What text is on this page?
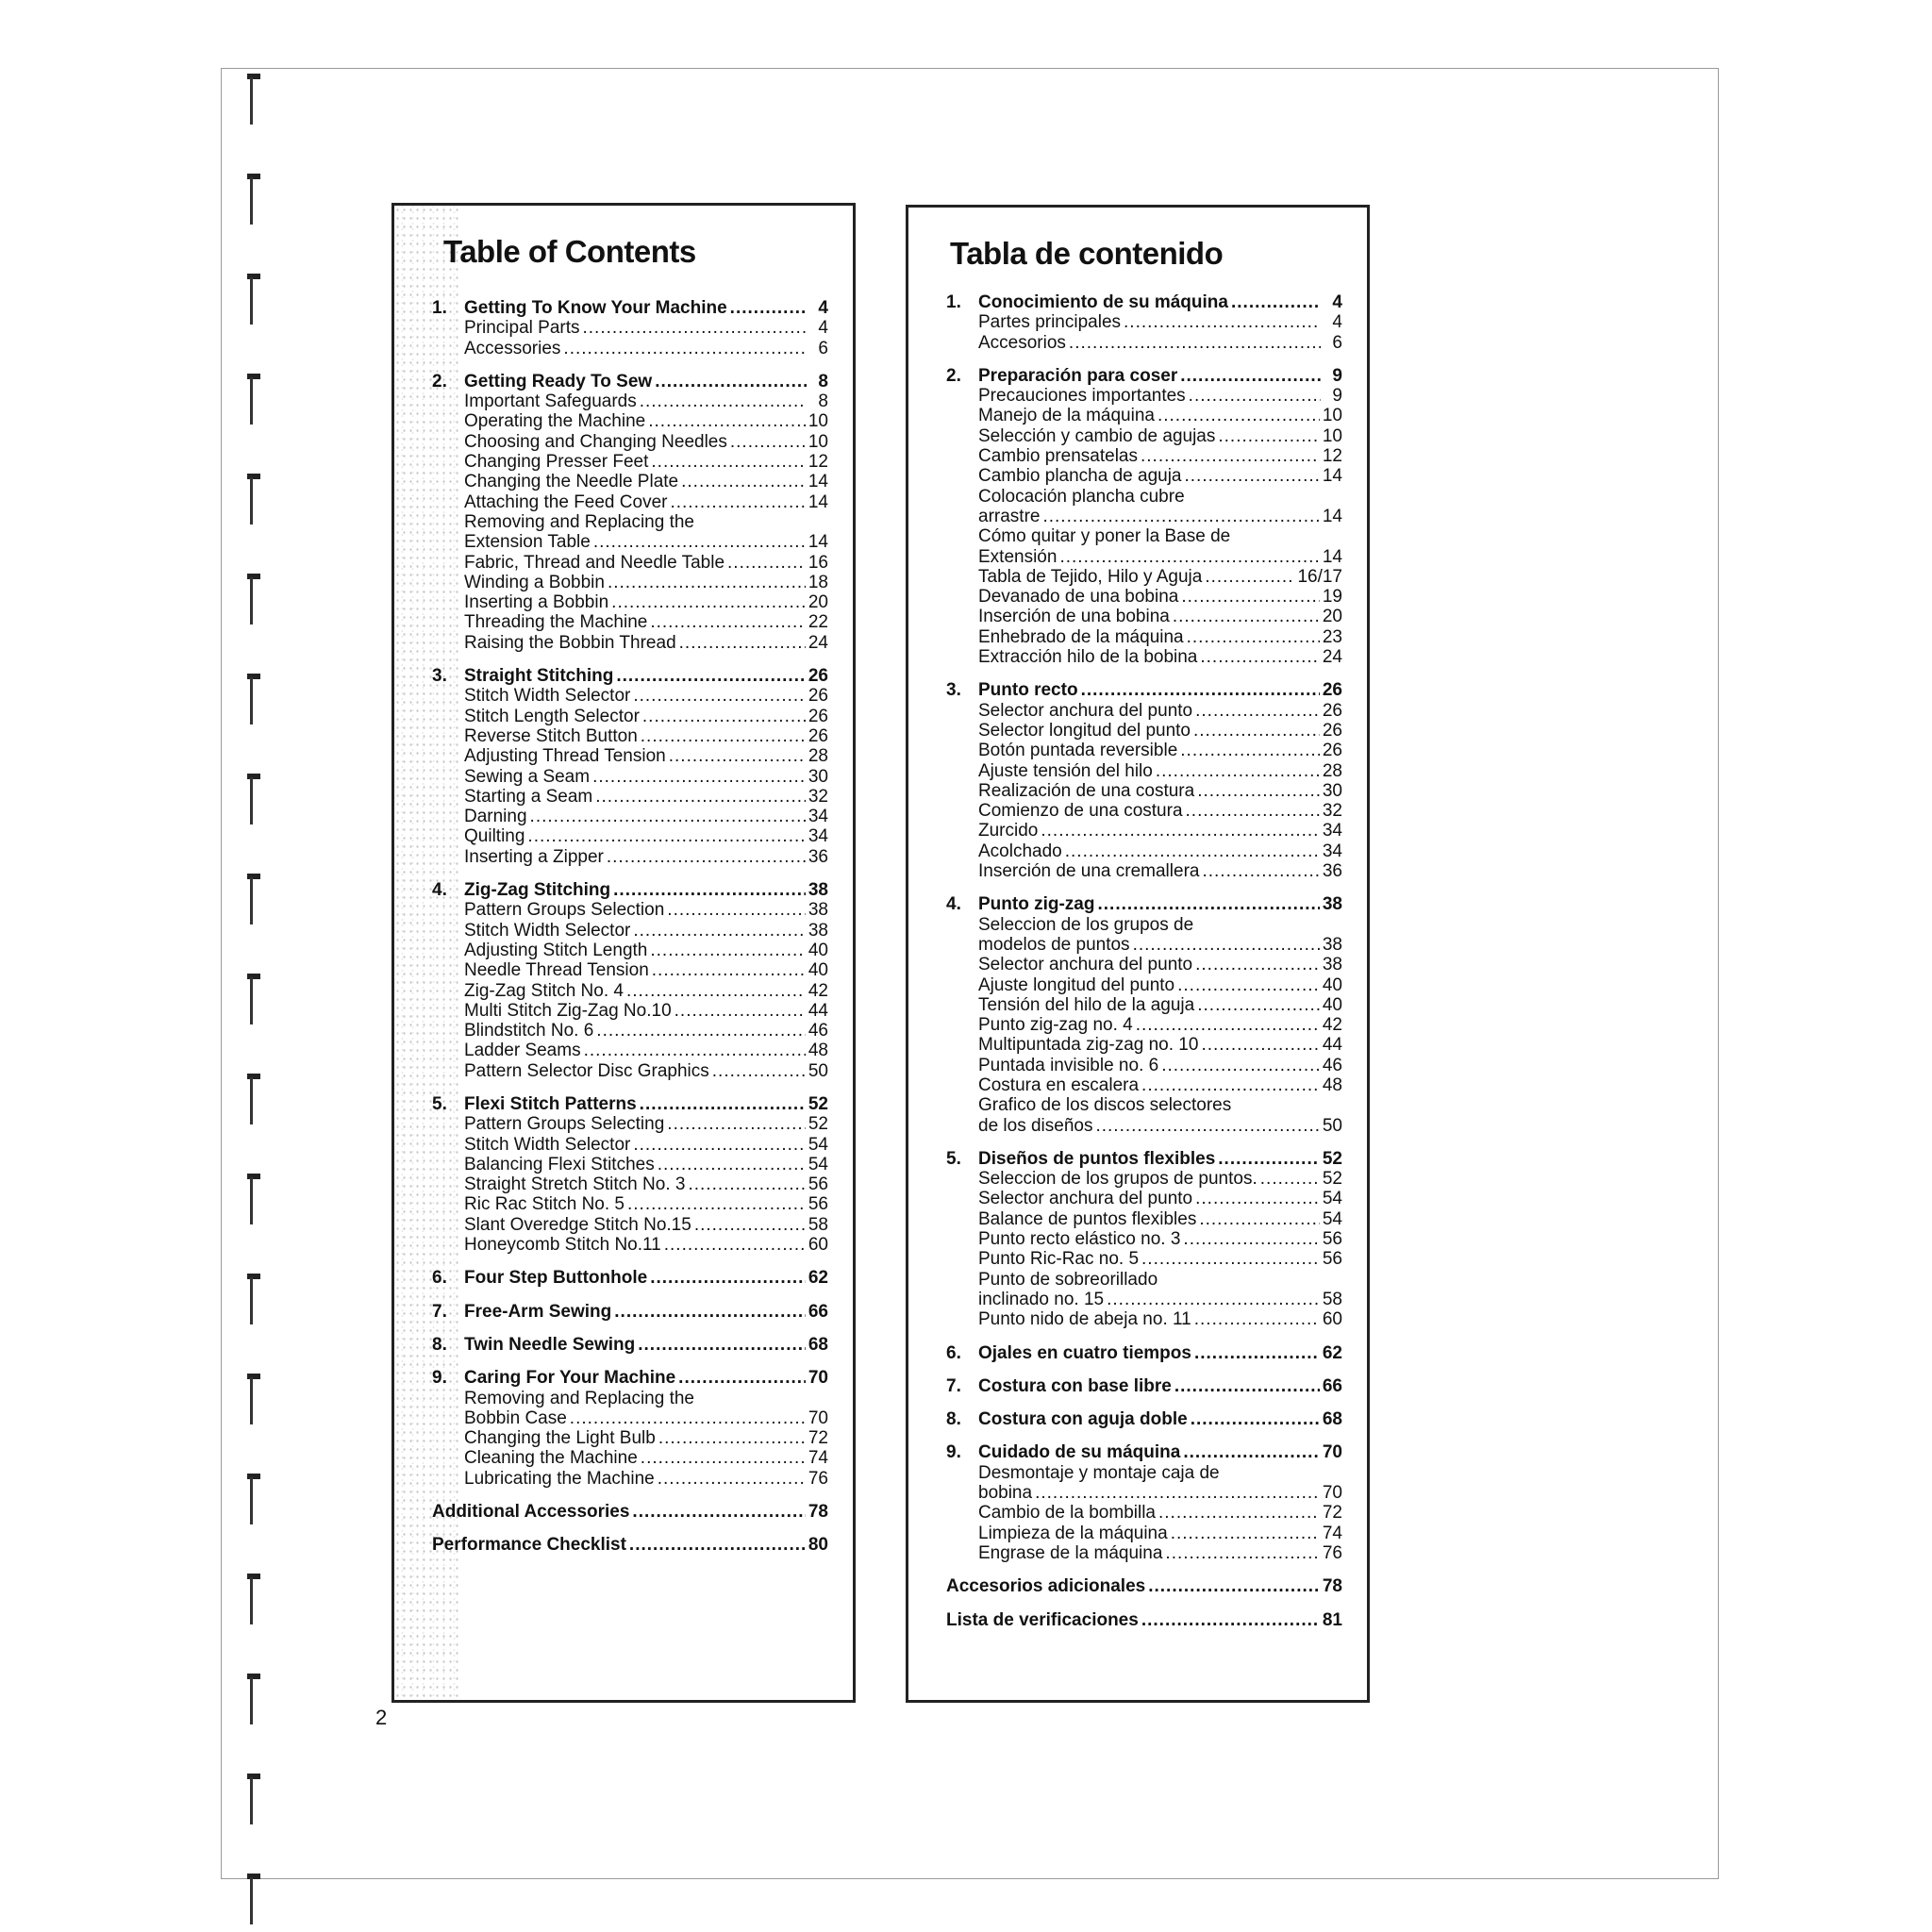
Table of Contents
1. Getting To Know Your Machine .....	4
Principal Parts .....	4
Accessories .....	6
2. Getting Ready To Sew .....	8
Important Safeguards .....	8
Operating the Machine .....	10
Choosing and Changing Needles .....	10
Changing Presser Feet .....	12
Changing the Needle Plate .....	14
Attaching the Feed Cover .....	14
Removing and Replacing the
Extension Table .....	14
Fabric, Thread and Needle Table .....	16
Winding a Bobbin .....	18
Inserting a Bobbin .....	20
Threading the Machine .....	22
Raising the Bobbin Thread .....	24
3. Straight Stitching .....	26
Stitch Width Selector .....	26
Stitch Length Selector .....	26
Reverse Stitch Button .....	26
Adjusting Thread Tension .....	28
Sewing a Seam .....	30
Starting a Seam .....	32
Darning .....	34
Quilting .....	34
Inserting a Zipper .....	36
4. Zig-Zag Stitching .....	38
Pattern Groups Selection .....	38
Stitch Width Selector .....	38
Adjusting Stitch Length .....	40
Needle Thread Tension .....	40
Zig-Zag Stitch No. 4 .....	42
Multi Stitch Zig-Zag No.10 .....	44
Blindstitch No. 6 .....	46
Ladder Seams .....	48
Pattern Selector Disc Graphics .....	50
5. Flexi Stitch Patterns .....	52
Pattern Groups Selecting .....	52
Stitch Width Selector .....	54
Balancing Flexi Stitches .....	54
Straight Stretch Stitch No. 3 .....	56
Ric Rac Stitch No. 5 .....	56
Slant Overedge Stitch No.15 .....	58
Honeycomb Stitch No.11 .....	60
6. Four Step Buttonhole .....	62
7. Free-Arm Sewing .....	66
8. Twin Needle Sewing .....	68
9. Caring For Your Machine .....	70
Removing and Replacing the
Bobbin Case .....	70
Changing the Light Bulb .....	72
Cleaning the Machine .....	74
Lubricating the Machine .....	76
Additional Accessories .....	78
Performance Checklist .....	80
Tabla de contenido
1. Conocimiento de su máquina .....	4
Partes principales .....	4
Accesorios .....	6
2. Preparación para coser .....	9
Precauciones importantes .....	9
Manejo de la máquina .....	10
Selección y cambio de agujas .....	10
Cambio prensatelas .....	12
Cambio plancha de aguja .....	14
Colocación plancha cubre
arrastre .....	14
Cómo quitar y poner la Base de
Extensión .....	14
Tabla de Tejido, Hilo y Aguja .....	16/17
Devanado de una bobina .....	19
Inserción de una bobina .....	20
Enhebrado de la máquina .....	23
Extracción hilo de la bobina .....	24
3. Punto recto .....	26
Selector anchura del punto .....	26
Selector longitud del punto .....	26
Botón puntada reversible .....	26
Ajuste tensión del hilo .....	28
Realización de una costura .....	30
Comienzo de una costura .....	32
Zurcido .....	34
Acolchado .....	34
Inserción de una cremallera .....	36
4. Punto zig-zag .....	38
Seleccion de los grupos de
modelos de puntos .....	38
Selector anchura del punto .....	38
Ajuste longitud del punto .....	40
Tensión del hilo de la aguja .....	40
Punto zig-zag no. 4 .....	42
Multipuntada zig-zag no. 10 .....	44
Puntada invisible no. 6 .....	46
Costura en escalera .....	48
Grafico de los discos selectores
de los diseños .....	50
5. Diseños de puntos flexibles .....	52
Seleccion de los grupos de puntos. .....	52
Selector anchura del punto .....	54
Balance de puntos flexibles .....	54
Punto recto elástico no. 3 .....	56
Punto Ric-Rac no. 5 .....	56
Punto de sobreorillado
inclinado no. 15 .....	58
Punto nido de abeja no. 11 .....	60
6. Ojales en cuatro tiempos .....	62
7. Costura con base libre .....	66
8. Costura con aguja doble .....	68
9. Cuidado de su máquina .....	70
Desmontaje y montaje caja de
bobina .....	70
Cambio de la bombilla .....	72
Limpieza de la máquina .....	74
Engrase de la máquina .....	76
Accesorios adicionales .....	78
Lista de verificaciones .....	81
2
